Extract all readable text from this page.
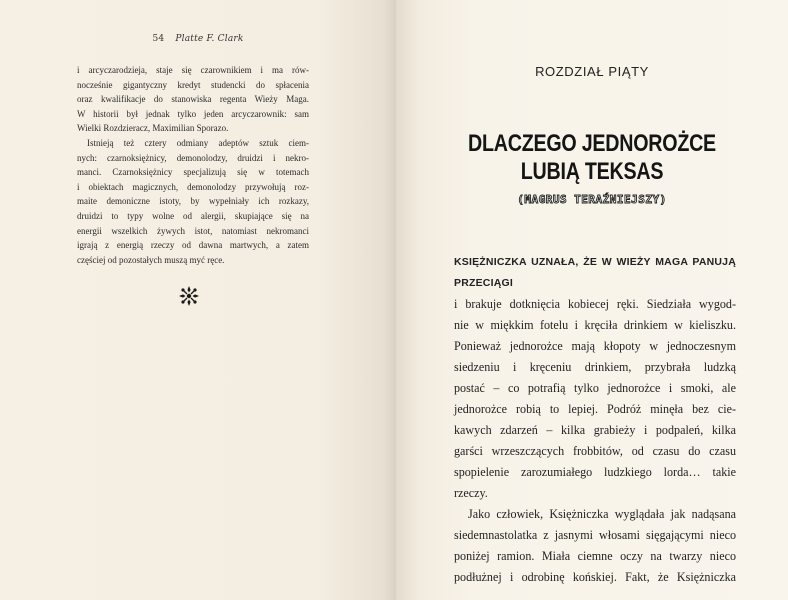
54 Platte F. Clark

i arcyczarodzieja, staje się czarownikiem i ma rów-
nocześnie gigantyczny kredyt studencki do spłacenia
oraz kwalifikacje do stanowiska regenta Wieży Maga.
W historii był jednak tylko jeden arcyczarownik: sam
Wielki Rozdzieracz, Maximilian Sporazo.

Istnieją też cztery odmiany adeptów sztuk ciem-
nych: czarnoksiężnicy, demonolodzy, druidzi i nekro-
manci. Czarnoksiężnicy specjalizują się w totemach
i obiektach magicznych, demonolodzy przywołują roz-
maite demoniczne istoty, by wypełniały ich rozkazy,
druidzi to typy wolne od alergii, skupiające się na
energii wszelkich żywych istot, natomiast nekromanci
igrają z energią rzeczy od dawna martwych, a zatem
częściej od pozostałych muszą myć ręce.

ROZDZIAŁ PIĄTY
DLACZEGO JEDNOROŻCE
LUBIĄ TEKSAS
(MAGRUS TERAŹNIEJSZY)

KSIĘŻNICZKA UZNAŁA, ŻE W WIEŻY MAGA PANUJĄ PRZECIĄGI
i brakuje dotknięcia kobiecej ręki. Siedziała wygod-
nie w miękkim fotelu i kręciła drinkiem w kieliszku.
Ponieważ jednorożce mają kłopoty w jednoczesnym
siedzeniu i kręceniu drinkiem, przybrała ludzką
postać – co potrafią tylko jednorożce i smoki, ale
jednorożce robią to lepiej. Podróż minęła bez cie-
kawych zdarzeń – kilka grabieży i podpaleń, kilka
garści wrzeszczących frobbitów, od czasu do czasu
spopielenie zarozumiałego ludzkiego lorda… takie
rzeczy.

Jako człowiek, Księżniczka wyglądała jak nadąsana
siedemnastolatka z jasnymi włosami sięgającymi nieco
poniżej ramion. Miała ciemne oczy na twarzy nieco
podłużnej i odrobinę końskiej. Fakt, że Księżniczka
